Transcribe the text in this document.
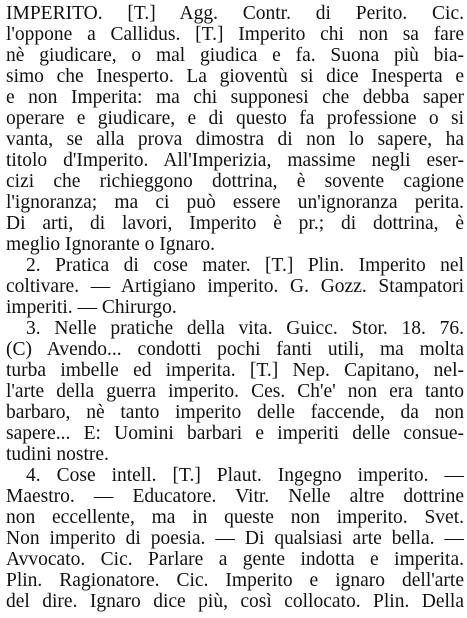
IMPERITO. [T.] Agg. Contr. di Perito. Cic.
l'oppone a Callidus. [T.] Imperito chi non sa fare
nè giudicare, o mal giudica e fa. Suona più bia-
simo che Inesperto. La gioventù si dice Inesperta e
e non Imperita: ma chi supponesi che debba saper
operare e giudicare, e di questo fa professione o si
vanta, se alla prova dimostra di non lo sapere, ha
titolo d'Imperito. All'Imperizia, massime negli eser-
cizi che richieggono dottrina, è sovente cagione
l'ignoranza; ma ci può essere un'ignoranza perita.
Di arti, di lavori, Imperito è pr.; di dottrina, è
meglio Ignorante o Ignaro.
2. Pratica di cose mater. [T.] Plin. Imperito nel
coltivare. — Artigiano imperito. G. Gozz. Stampatori
imperiti. — Chirurgo.
3. Nelle pratiche della vita. Guicc. Stor. 18. 76.
(C) Avendo... condotti pochi fanti utili, ma molta
turba imbelle ed imperita. [T.] Nep. Capitano, nel-
l'arte della guerra imperito. Ces. Ch'e' non era tanto
barbaro, nè tanto imperito delle faccende, da non
sapere... E: Uomini barbari e imperiti delle consue-
tudini nostre.
4. Cose intell. [T.] Plaut. Ingegno imperito. —
Maestro. — Educatore. Vitr. Nelle altre dottrine
non eccellente, ma in queste non imperito. Svet.
Non imperito di poesia. — Di qualsiasi arte bella. —
Avvocato. Cic. Parlare a gente indotta e imperita.
Plin. Ragionatore. Cic. Imperito e ignaro dell'arte
del dire. Ignaro dice più, così collocato. Plin. Della
